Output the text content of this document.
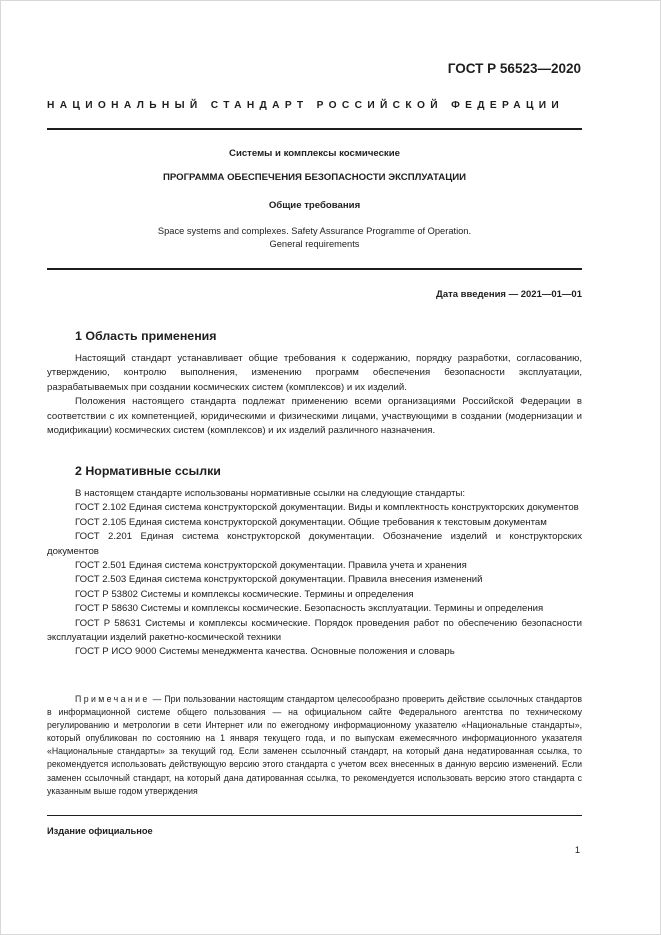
ГОСТ Р 56523—2020
НАЦИОНАЛЬНЫЙ СТАНДАРТ РОССИЙСКОЙ ФЕДЕРАЦИИ
Системы и комплексы космические
ПРОГРАММА ОБЕСПЕЧЕНИЯ БЕЗОПАСНОСТИ ЭКСПЛУАТАЦИИ
Общие требования
Space systems and complexes. Safety Assurance Programme of Operation.
General requirements
Дата введения — 2021—01—01
1 Область применения

Настоящий стандарт устанавливает общие требования к содержанию, порядку разработки, согласованию, утверждению, контролю выполнения, изменению программ обеспечения безопасности эксплуатации, разрабатываемых при создании космических систем (комплексов) и их изделий.

Положения настоящего стандарта подлежат применению всеми организациями Российской Федерации в соответствии с их компетенцией, юридическими и физическими лицами, участвующими в создании (модернизации и модификации) космических систем (комплексов) и их изделий различного назначения.

2 Нормативные ссылки

В настоящем стандарте использованы нормативные ссылки на следующие стандарты:

ГОСТ 2.102 Единая система конструкторской документации. Виды и комплектность конструкторских документов

ГОСТ 2.105 Единая система конструкторской документации. Общие требования к текстовым документам

ГОСТ 2.201 Единая система конструкторской документации. Обозначение изделий и конструкторских документов

ГОСТ 2.501 Единая система конструкторской документации. Правила учета и хранения

ГОСТ 2.503 Единая система конструкторской документации. Правила внесения изменений

ГОСТ Р 53802 Системы и комплексы космические. Термины и определения

ГОСТ Р 58630 Системы и комплексы космические. Безопасность эксплуатации. Термины и определения

ГОСТ Р 58631 Системы и комплексы космические. Порядок проведения работ по обеспечению безопасности эксплуатации изделий ракетно-космической техники

ГОСТ Р ИСО 9000 Системы менеджмента качества. Основные положения и словарь

Примечание — При пользовании настоящим стандартом целесообразно проверить действие ссылочных стандартов в информационной системе общего пользования — на официальном сайте Федерального агентства по техническому регулированию и метрологии в сети Интернет или по ежегодному информационному указателю «Национальные стандарты», который опубликован по состоянию на 1 января текущего года, и по выпускам ежемесячного информационного указателя «Национальные стандарты» за текущий год. Если заменен ссылочный стандарт, на который дана недатированная ссылка, то рекомендуется использовать действующую версию этого стандарта с учетом всех внесенных в данную версию изменений. Если заменен ссылочный стандарт, на который дана датированная ссылка, то рекомендуется использовать версию этого стандарта с указанным выше годом утверждения
Издание официальное
1
